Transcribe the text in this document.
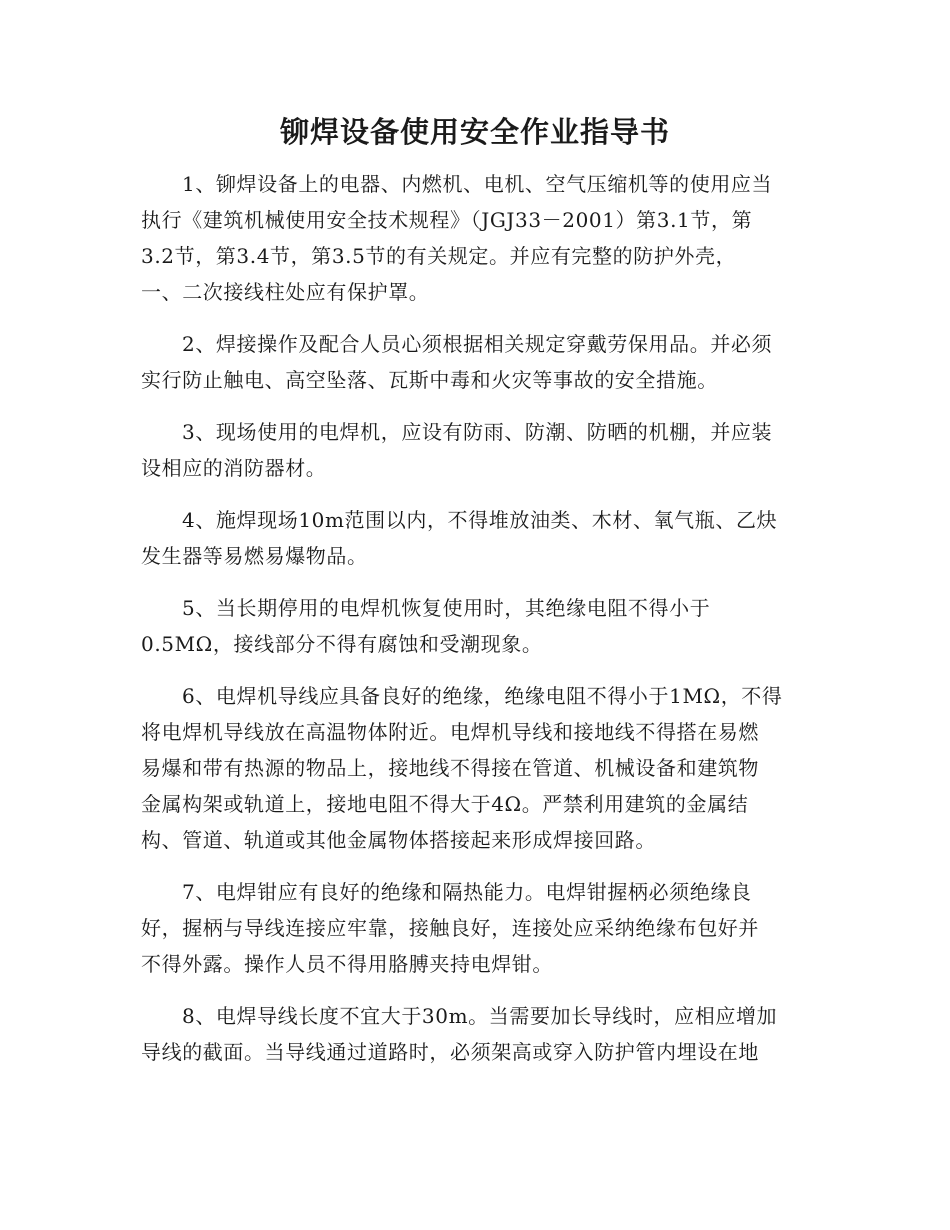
铆焊设备使用安全作业指导书
1、铆焊设备上的电器、内燃机、电机、空气压缩机等的使用应当
执行《建筑机械使用安全技术规程》（JGJ33－2001）第3.1节，第
3.2节，第3.4节，第3.5节的有关规定。并应有完整的防护外壳，
一、二次接线柱处应有保护罩。
2、焊接操作及配合人员心须根据相关规定穿戴劳保用品。并必须
实行防止触电、高空坠落、瓦斯中毒和火灾等事故的安全措施。
3、现场使用的电焊机，应设有防雨、防潮、防晒的机棚，并应装
设相应的消防器材。
4、施焊现场10m范围以内，不得堆放油类、木材、氧气瓶、乙炔
发生器等易燃易爆物品。
5、当长期停用的电焊机恢复使用时，其绝缘电阻不得小于
0.5MΩ，接线部分不得有腐蚀和受潮现象。
6、电焊机导线应具备良好的绝缘，绝缘电阻不得小于1MΩ，不得
将电焊机导线放在高温物体附近。电焊机导线和接地线不得搭在易燃
易爆和带有热源的物品上，接地线不得接在管道、机械设备和建筑物
金属构架或轨道上，接地电阻不得大于4Ω。严禁利用建筑的金属结
构、管道、轨道或其他金属物体搭接起来形成焊接回路。
7、电焊钳应有良好的绝缘和隔热能力。电焊钳握柄必须绝缘良
好，握柄与导线连接应牢靠，接触良好，连接处应采纳绝缘布包好并
不得外露。操作人员不得用胳膊夹持电焊钳。
8、电焊导线长度不宜大于30m。当需要加长导线时，应相应增加
导线的截面。当导线通过道路时，必须架高或穿入防护管内埋设在地
